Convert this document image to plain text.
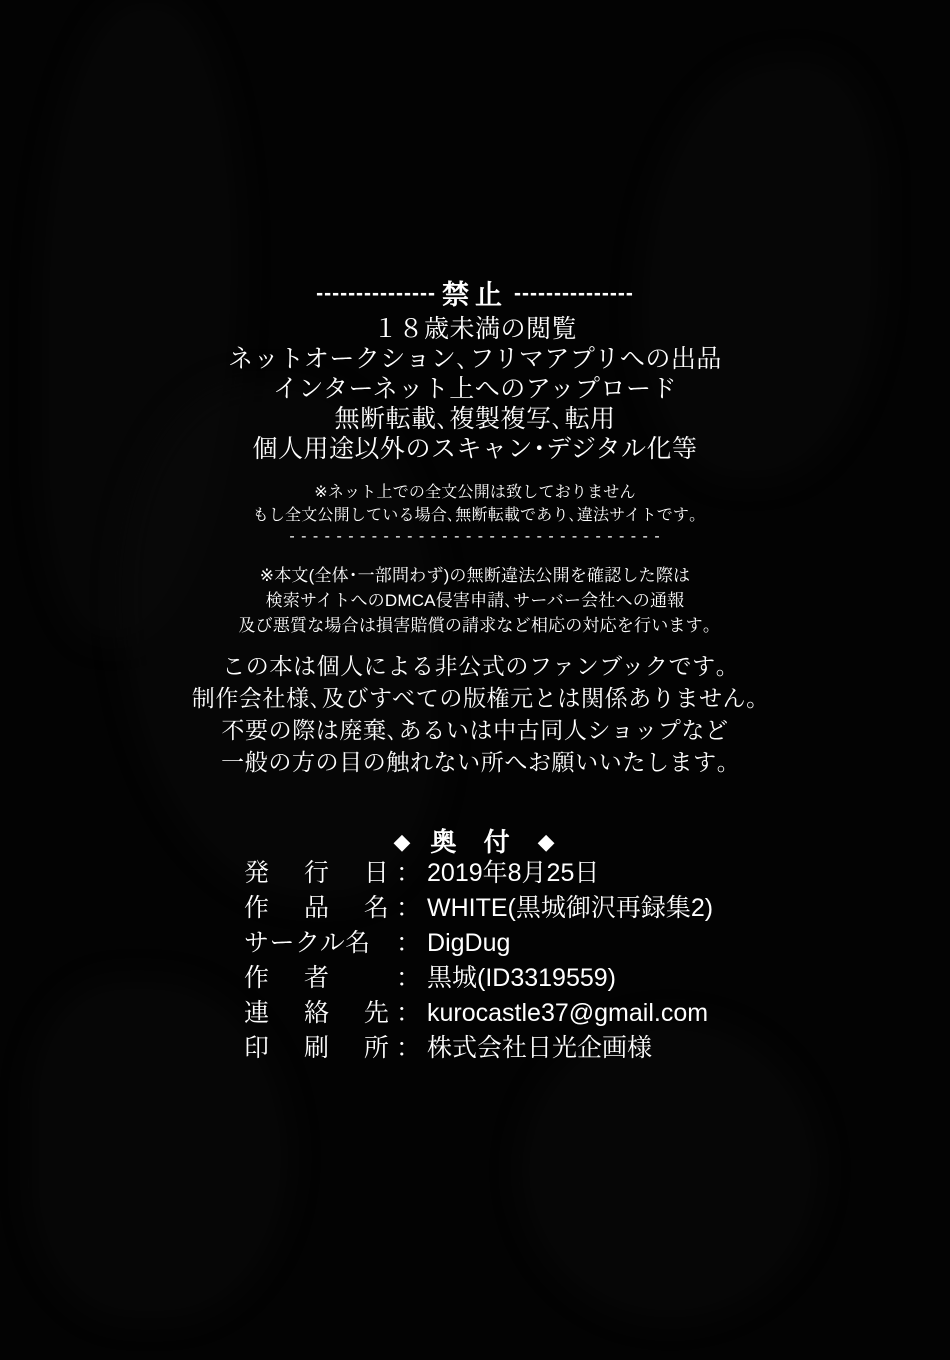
--------------- 禁止 ---------------
１８歳未満の閲覧
ネットオークション､フリマアプリへの出品
インターネット上へのアップロード
無断転載､複製複写､転用
個人用途以外のスキャン･デジタル化等
※ネット上での全文公開は致しておりません
もし全文公開している場合､無断転載であり､違法サイトです｡
- - - - - - - - - - - - - - - - - - - - - - - - - - - - - - - -
※本文(全体･一部問わず)の無断違法公開を確認した際は
検索サイトへのDMCA侵害申請､サーバー会社への通報
及び悪質な場合は損害賠償の請求など相応の対応を行います｡
この本は個人による非公式のファンブックです｡
制作会社様､及びすべての版権元とは関係ありません｡
不要の際は廃棄､あるいは中古同人ショップなど
一般の方の目の触れない所へお願いいたします｡
◆ 奥 付 ◆
発 行 日
： 2019年8月25日
作 品 名
： WHITE(黒城御沢再録集2)
サークル名	： DigDug
作 者	： 黒城(ID3319559)
連 絡 先
： kurocastle37@gmail.com
印 刷 所
： 株式会社日光企画様
